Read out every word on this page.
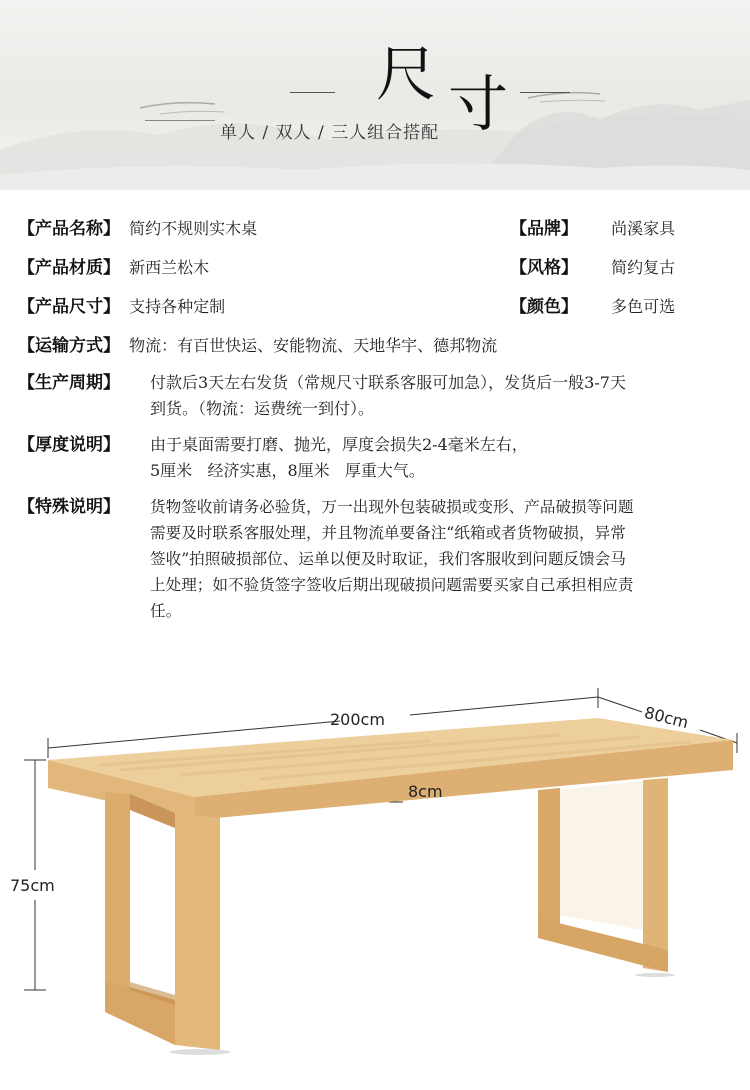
尺 寸
单人 / 双人 / 三人组合搭配
【产品名称】 简约不规则实木桌	【品牌】 尚溪家具
【产品材质】 新西兰松木	【风格】 简约复古
【产品尺寸】 支持各种定制	【颜色】 多色可选
【运输方式】 物流：有百世快运、安能物流、天地华宇、德邦物流
【生产周期】 付款后3天左右发货（常规尺寸联系客服可加急），发货后一般3-7天
到货。（物流：运费统一到付）。
【厚度说明】 由于桌面需要打磨、抛光，厚度会损失2-4毫米左右，
5厘米   经济实惠，8厘米   厚重大气。
【特殊说明】 货物签收前请务必验货，万一出现外包装破损或变形、产品破损等问题
需要及时联系客服处理，并且物流单要备注“纸箱或者货物破损，异常
签收”拍照破损部位、运单以便及时取证，我们客服收到问题反馈会马
上处理；如不验货签字签收后期出现破损问题需要买家自己承担相应责
任。
200cm	80cm
8cm
75cm
